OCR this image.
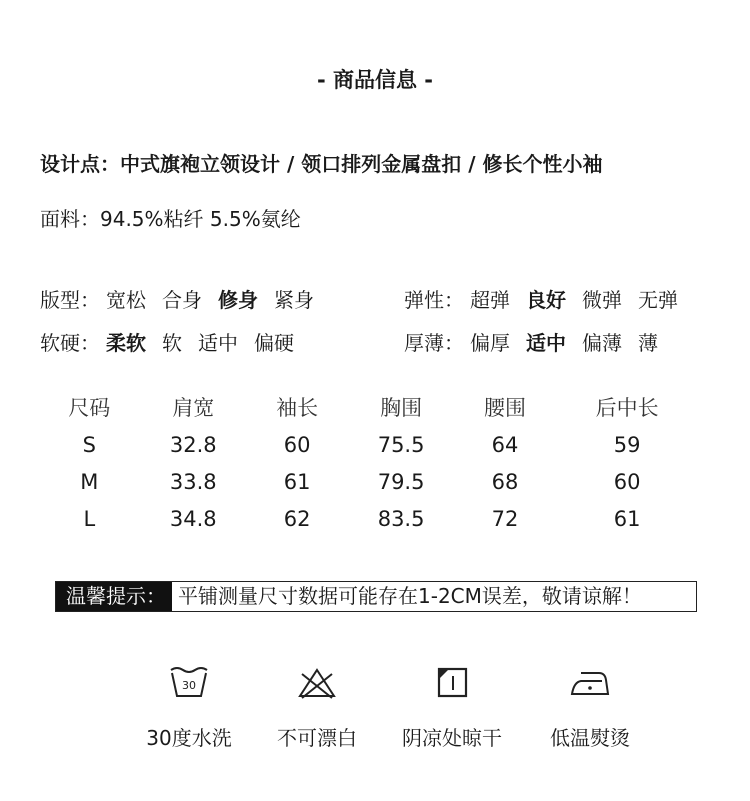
- 商品信息 -
设计点：中式旗袍立领设计 / 领口排列金属盘扣 / 修长个性小袖
面料：94.5%粘纤 5.5%氨纶
版型： 宽松 合身 修身 紧身	弹性： 超弹 良好 微弹 无弹
软硬： 柔软 软 适中 偏硬	厚薄： 偏厚 适中 偏薄 薄
尺码	肩宽	袖长	胸围	腰围	后中长
S	32.8	60	75.5	64	59
M	33.8	61	79.5	68	60
L	34.8	62	83.5	72	61
温馨提示： 平铺测量尺寸数据可能存在1-2CM误差，敬请谅解！
30
30度水洗	不可漂白	阴凉处晾干	低温熨烫
